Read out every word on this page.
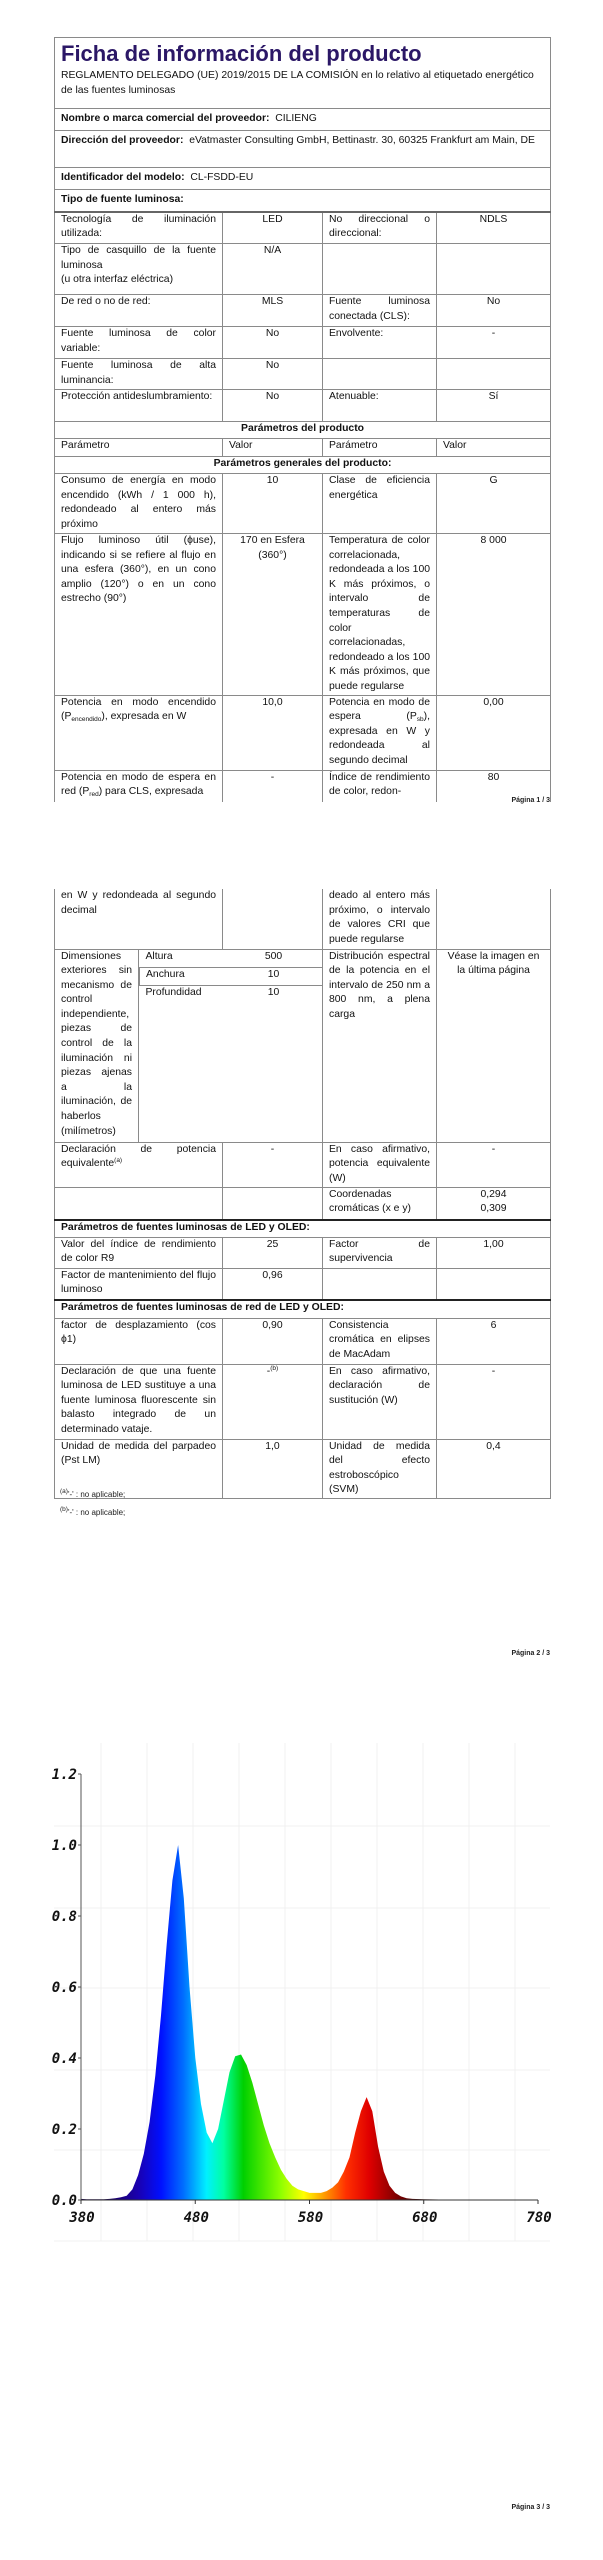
Ficha de información del producto
REGLAMENTO DELEGADO (UE) 2019/2015 DE LA COMISIÓN en lo relativo al etiquetado energético de las fuentes luminosas			

Nombre o marca comercial del proveedor: CILIENG			
Dirección del proveedor: eVatmaster Consulting GmbH, Bettinastr. 30, 60325 Frankfurt am Main, DE			
Identificador del modelo: CL-FSDD-EU			
Tipo de fuente luminosa:			
Tecnología de iluminación utilizada:	LED	No direccional o direccional:	NDLS
Tipo de casquillo de la fuente luminosa
(u otra interfaz eléctrica)	N/A		
De red o no de red:	MLS	Fuente luminosa conectada (CLS):	No
Fuente luminosa de color variable:	No	Envolvente:	-
Fuente luminosa de alta luminancia:	No		
Protección antideslumbramiento:	No	Atenuable:	Sí
Parámetros del producto			
Parámetro	Valor	Parámetro	Valor
Parámetros generales del producto:			
Consumo de energía en modo encendido (kWh / 1 000 h), redondeado al entero más próximo	10	Clase de eficiencia energética	G
Flujo luminoso útil (ϕuse), indicando si se refiere al flujo en una esfera (360°), en un cono amplio (120°) o en un cono estrecho (90°)	170 en Esfera (360°)	Temperatura de color correlacionada, redondeada a los 100 K más próximos, o intervalo de temperaturas de color correlacionadas, redondeado a los 100 K más próximos, que puede regularse	8 000
Potencia en modo encendido $(P_{encendido})$, expresada en W	10,0	Potencia en modo de espera $(P_{sb})$, expresada en W y redondeada al segundo decimal	0,00
Potencia en modo de espera en red $(P_{red})$ para CLS, expresada	-	Índice de rendimiento de color, redon-	80
Página 1 / 3
en W y redondeada al segundo decimal		deado al entero más próximo, o intervalo de valores CRI que puede regularse	
Dimensiones exteriores sin mecanismo de control independiente, piezas de control de la iluminación ni piezas ajenas a la iluminación, de haberlos (milímetros)	
Altura	500
Anchura	10
Profundidad	10
	Distribución espectral de la potencia en el intervalo de 250 nm a 800 nm, a plena carga	Véase la imagen en la última página
Declaración de potencia equivalente$^{(a)}$	-	En caso afirmativo, potencia equivalente (W)	-
		Coordenadas cromáticas (x e y)	0,294
0,309
Parámetros de fuentes luminosas de LED y OLED:
Valor del índice de rendimiento de color R9	25	Factor de supervivencia	1,00
Factor de mantenimiento del flujo luminoso	0,96		
Parámetros de fuentes luminosas de red de LED y OLED:
factor de desplazamiento (cos ϕ1)	0,90	Consistencia cromática en elipses de MacAdam	6
Declaración de que una fuente luminosa de LED sustituye a una fuente luminosa fluorescente sin balasto integrado de un determinado vataje.	-$^{(b)}$	En caso afirmativo, declaración de sustitución (W)	-
Unidad de medida del parpadeo (Pst LM)	1,0	Unidad de medida del efecto estroboscópico (SVM)	0,4
$^{(a)}$'-' : no aplicable;
$^{(b)}$'-' : no aplicable;
Página 2 / 3
0.0
0.2
0.4
0.6
0.8
1.0
1.2
380	480	580	680	780
Página 3 / 3
